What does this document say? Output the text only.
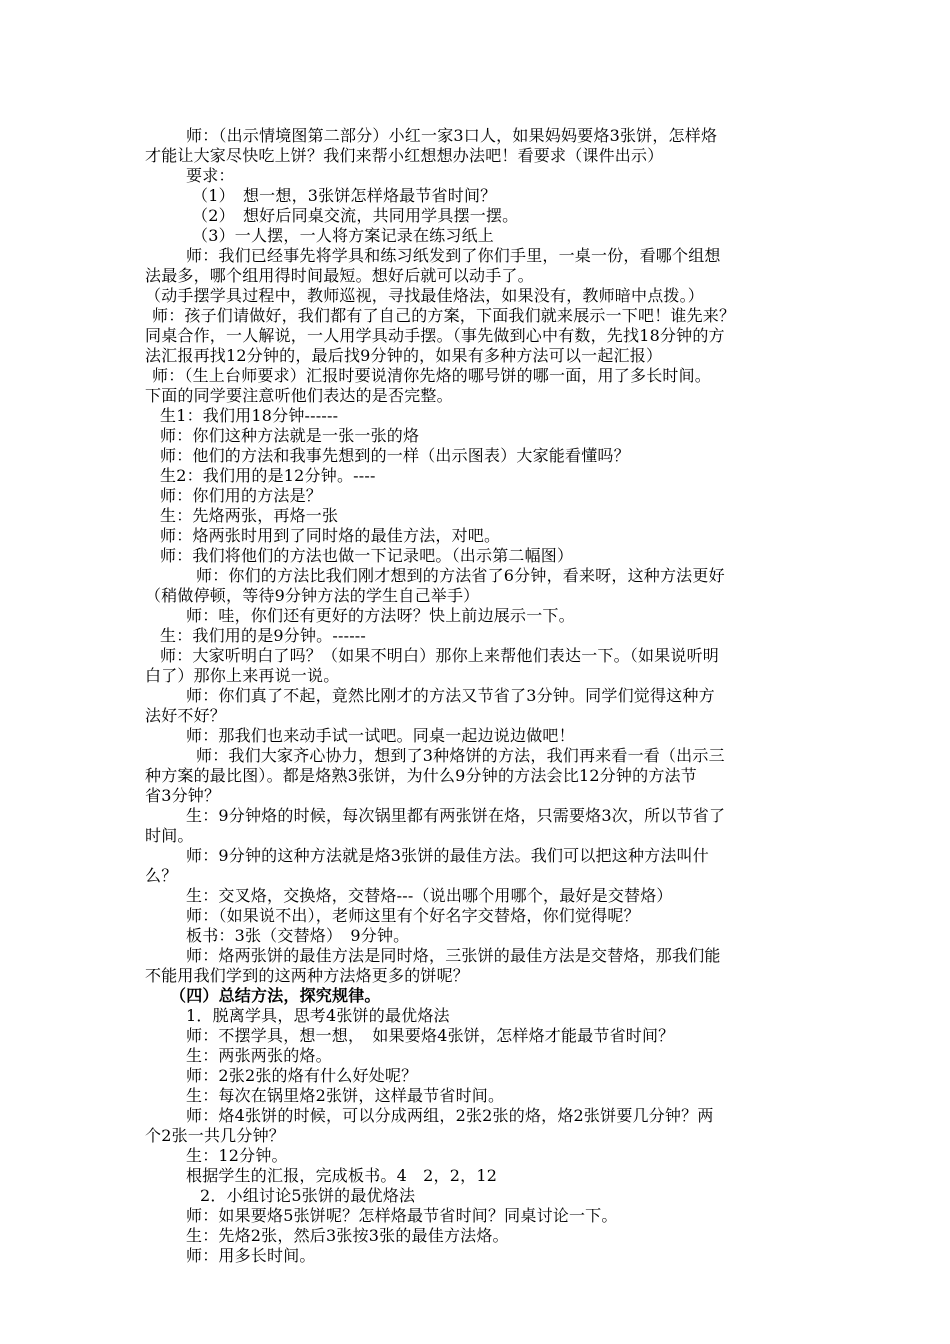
师：（出示情境图第二部分）小红一家3口人，如果妈妈要烙3张饼，怎样烙
才能让大家尽快吃上饼？我们来帮小红想想办法吧！看要求（课件出示）
要求：
（1）　想一想，3张饼怎样烙最节省时间？
（2）　想好后同桌交流，共同用学具摆一摆。
（3）一人摆，一人将方案记录在练习纸上
师：我们已经事先将学具和练习纸发到了你们手里，一桌一份，看哪个组想
法最多，哪个组用得时间最短。想好后就可以动手了。
（动手摆学具过程中，教师巡视，寻找最佳烙法，如果没有，教师暗中点拨。）
师：孩子们请做好，我们都有了自己的方案，下面我们就来展示一下吧！谁先来？
同桌合作，一人解说，一人用学具动手摆。（事先做到心中有数，先找18分钟的方
法汇报再找12分钟的，最后找9分钟的，如果有多种方法可以一起汇报）
师：（生上台师要求）汇报时要说清你先烙的哪号饼的哪一面，用了多长时间。
下面的同学要注意听他们表达的是否完整。
生1：我们用18分钟------
师：你们这种方法就是一张一张的烙
师：他们的方法和我事先想到的一样（出示图表）大家能看懂吗？
生2：我们用的是12分钟。----
师：你们用的方法是？
生：先烙两张，再烙一张
师：烙两张时用到了同时烙的最佳方法，对吧。
师：我们将他们的方法也做一下记录吧。（出示第二幅图）
师：你们的方法比我们刚才想到的方法省了6分钟，看来呀，这种方法更好
（稍做停顿，等待9分钟方法的学生自己举手）
师：哇，你们还有更好的方法呀？快上前边展示一下。
生：我们用的是9分钟。------
师：大家听明白了吗？（如果不明白）那你上来帮他们表达一下。（如果说听明
白了）那你上来再说一说。
师：你们真了不起，竟然比刚才的方法又节省了3分钟。同学们觉得这种方
法好不好？
师：那我们也来动手试一试吧。同桌一起边说边做吧！
师：我们大家齐心协力，想到了3种烙饼的方法，我们再来看一看（出示三
种方案的最比图）。都是烙熟3张饼，为什么9分钟的方法会比12分钟的方法节
省3分钟？
生：9分钟烙的时候，每次锅里都有两张饼在烙，只需要烙3次，所以节省了
时间。
师：9分钟的这种方法就是烙3张饼的最佳方法。我们可以把这种方法叫什
么？
生：交叉烙，交换烙，交替烙---（说出哪个用哪个，最好是交替烙）
师：（如果说不出），老师这里有个好名字交替烙，你们觉得呢？
板书：3张（交替烙）　9分钟。
师：烙两张饼的最佳方法是同时烙，三张饼的最佳方法是交替烙，那我们能
不能用我们学到的这两种方法烙更多的饼呢？
（四）总结方法，探究规律。
1．脱离学具，思考4张饼的最优烙法
师：不摆学具，想一想，　如果要烙4张饼，怎样烙才能最节省时间？
生：两张两张的烙。
师：2张2张的烙有什么好处呢？
生：每次在锅里烙2张饼，这样最节省时间。
师：烙4张饼的时候，可以分成两组，2张2张的烙，烙2张饼要几分钟？两
个2张一共几分钟？
生：12分钟。
根据学生的汇报，完成板书。4　2，2，12
2．小组讨论5张饼的最优烙法
师：如果要烙5张饼呢？怎样烙最节省时间？同桌讨论一下。
生：先烙2张，然后3张按3张的最佳方法烙。
师：用多长时间。
